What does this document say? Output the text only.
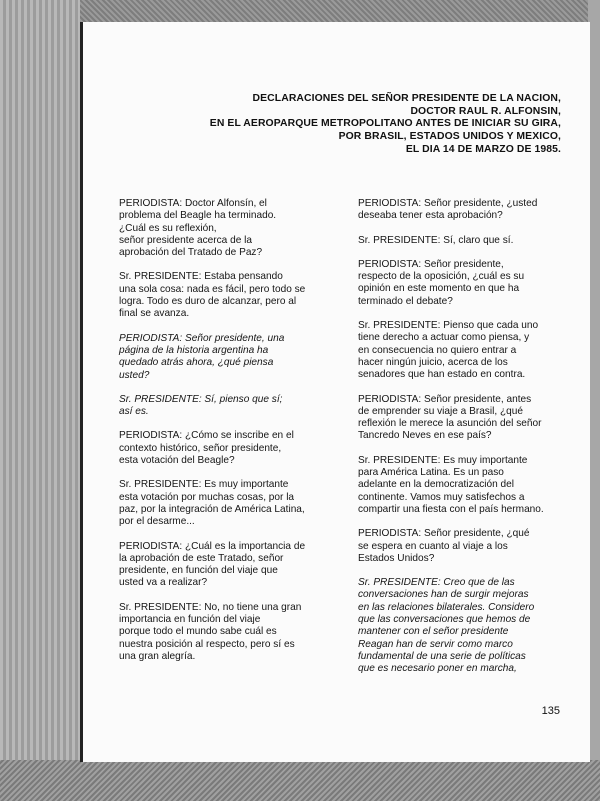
DECLARACIONES DEL SEÑOR PRESIDENTE DE LA NACION,
DOCTOR RAUL R. ALFONSIN,
EN EL AEROPARQUE METROPOLITANO ANTES DE INICIAR SU GIRA,
POR BRASIL, ESTADOS UNIDOS Y MEXICO,
EL DIA 14 DE MARZO DE 1985.

PERIODISTA: Doctor Alfonsín, el
problema del Beagle ha terminado.
¿Cuál es su reflexión,
señor presidente acerca de la
aprobación del Tratado de Paz?

Sr. PRESIDENTE: Estaba pensando
una sola cosa: nada es fácil, pero todo se
logra. Todo es duro de alcanzar, pero al
final se avanza.

PERIODISTA: Señor presidente, una
página de la historia argentina ha
quedado atrás ahora, ¿qué piensa
usted?

Sr. PRESIDENTE: Sí, pienso que sí;
así es.

PERIODISTA: ¿Cómo se inscribe en el
contexto histórico, señor presidente,
esta votación del Beagle?

Sr. PRESIDENTE: Es muy importante
esta votación por muchas cosas, por la
paz, por la integración de América Latina,
por el desarme...

PERIODISTA: ¿Cuál es la importancia de
la aprobación de este Tratado, señor
presidente, en función del viaje que
usted va a realizar?

Sr. PRESIDENTE: No, no tiene una gran
importancia en función del viaje
porque todo el mundo sabe cuál es
nuestra posición al respecto, pero sí es
una gran alegría.

PERIODISTA: Señor presidente, ¿usted
deseaba tener esta aprobación?

Sr. PRESIDENTE: Sí, claro que sí.

PERIODISTA: Señor presidente,
respecto de la oposición, ¿cuál es su
opinión en este momento en que ha
terminado el debate?

Sr. PRESIDENTE: Pienso que cada uno
tiene derecho a actuar como piensa, y
en consecuencia no quiero entrar a
hacer ningún juicio, acerca de los
senadores que han estado en contra.

PERIODISTA: Señor presidente, antes
de emprender su viaje a Brasil, ¿qué
reflexión le merece la asunción del señor
Tancredo Neves en ese país?

Sr. PRESIDENTE: Es muy importante
para América Latina. Es un paso
adelante en la democratización del
continente. Vamos muy satisfechos a
compartir una fiesta con el país hermano.

PERIODISTA: Señor presidente, ¿qué
se espera en cuanto al viaje a los
Estados Unidos?

Sr. PRESIDENTE: Creo que de las
conversaciones han de surgir mejoras
en las relaciones bilaterales. Considero
que las conversaciones que hemos de
mantener con el señor presidente
Reagan han de servir como marco
fundamental de una serie de políticas
que es necesario poner en marcha,

135
